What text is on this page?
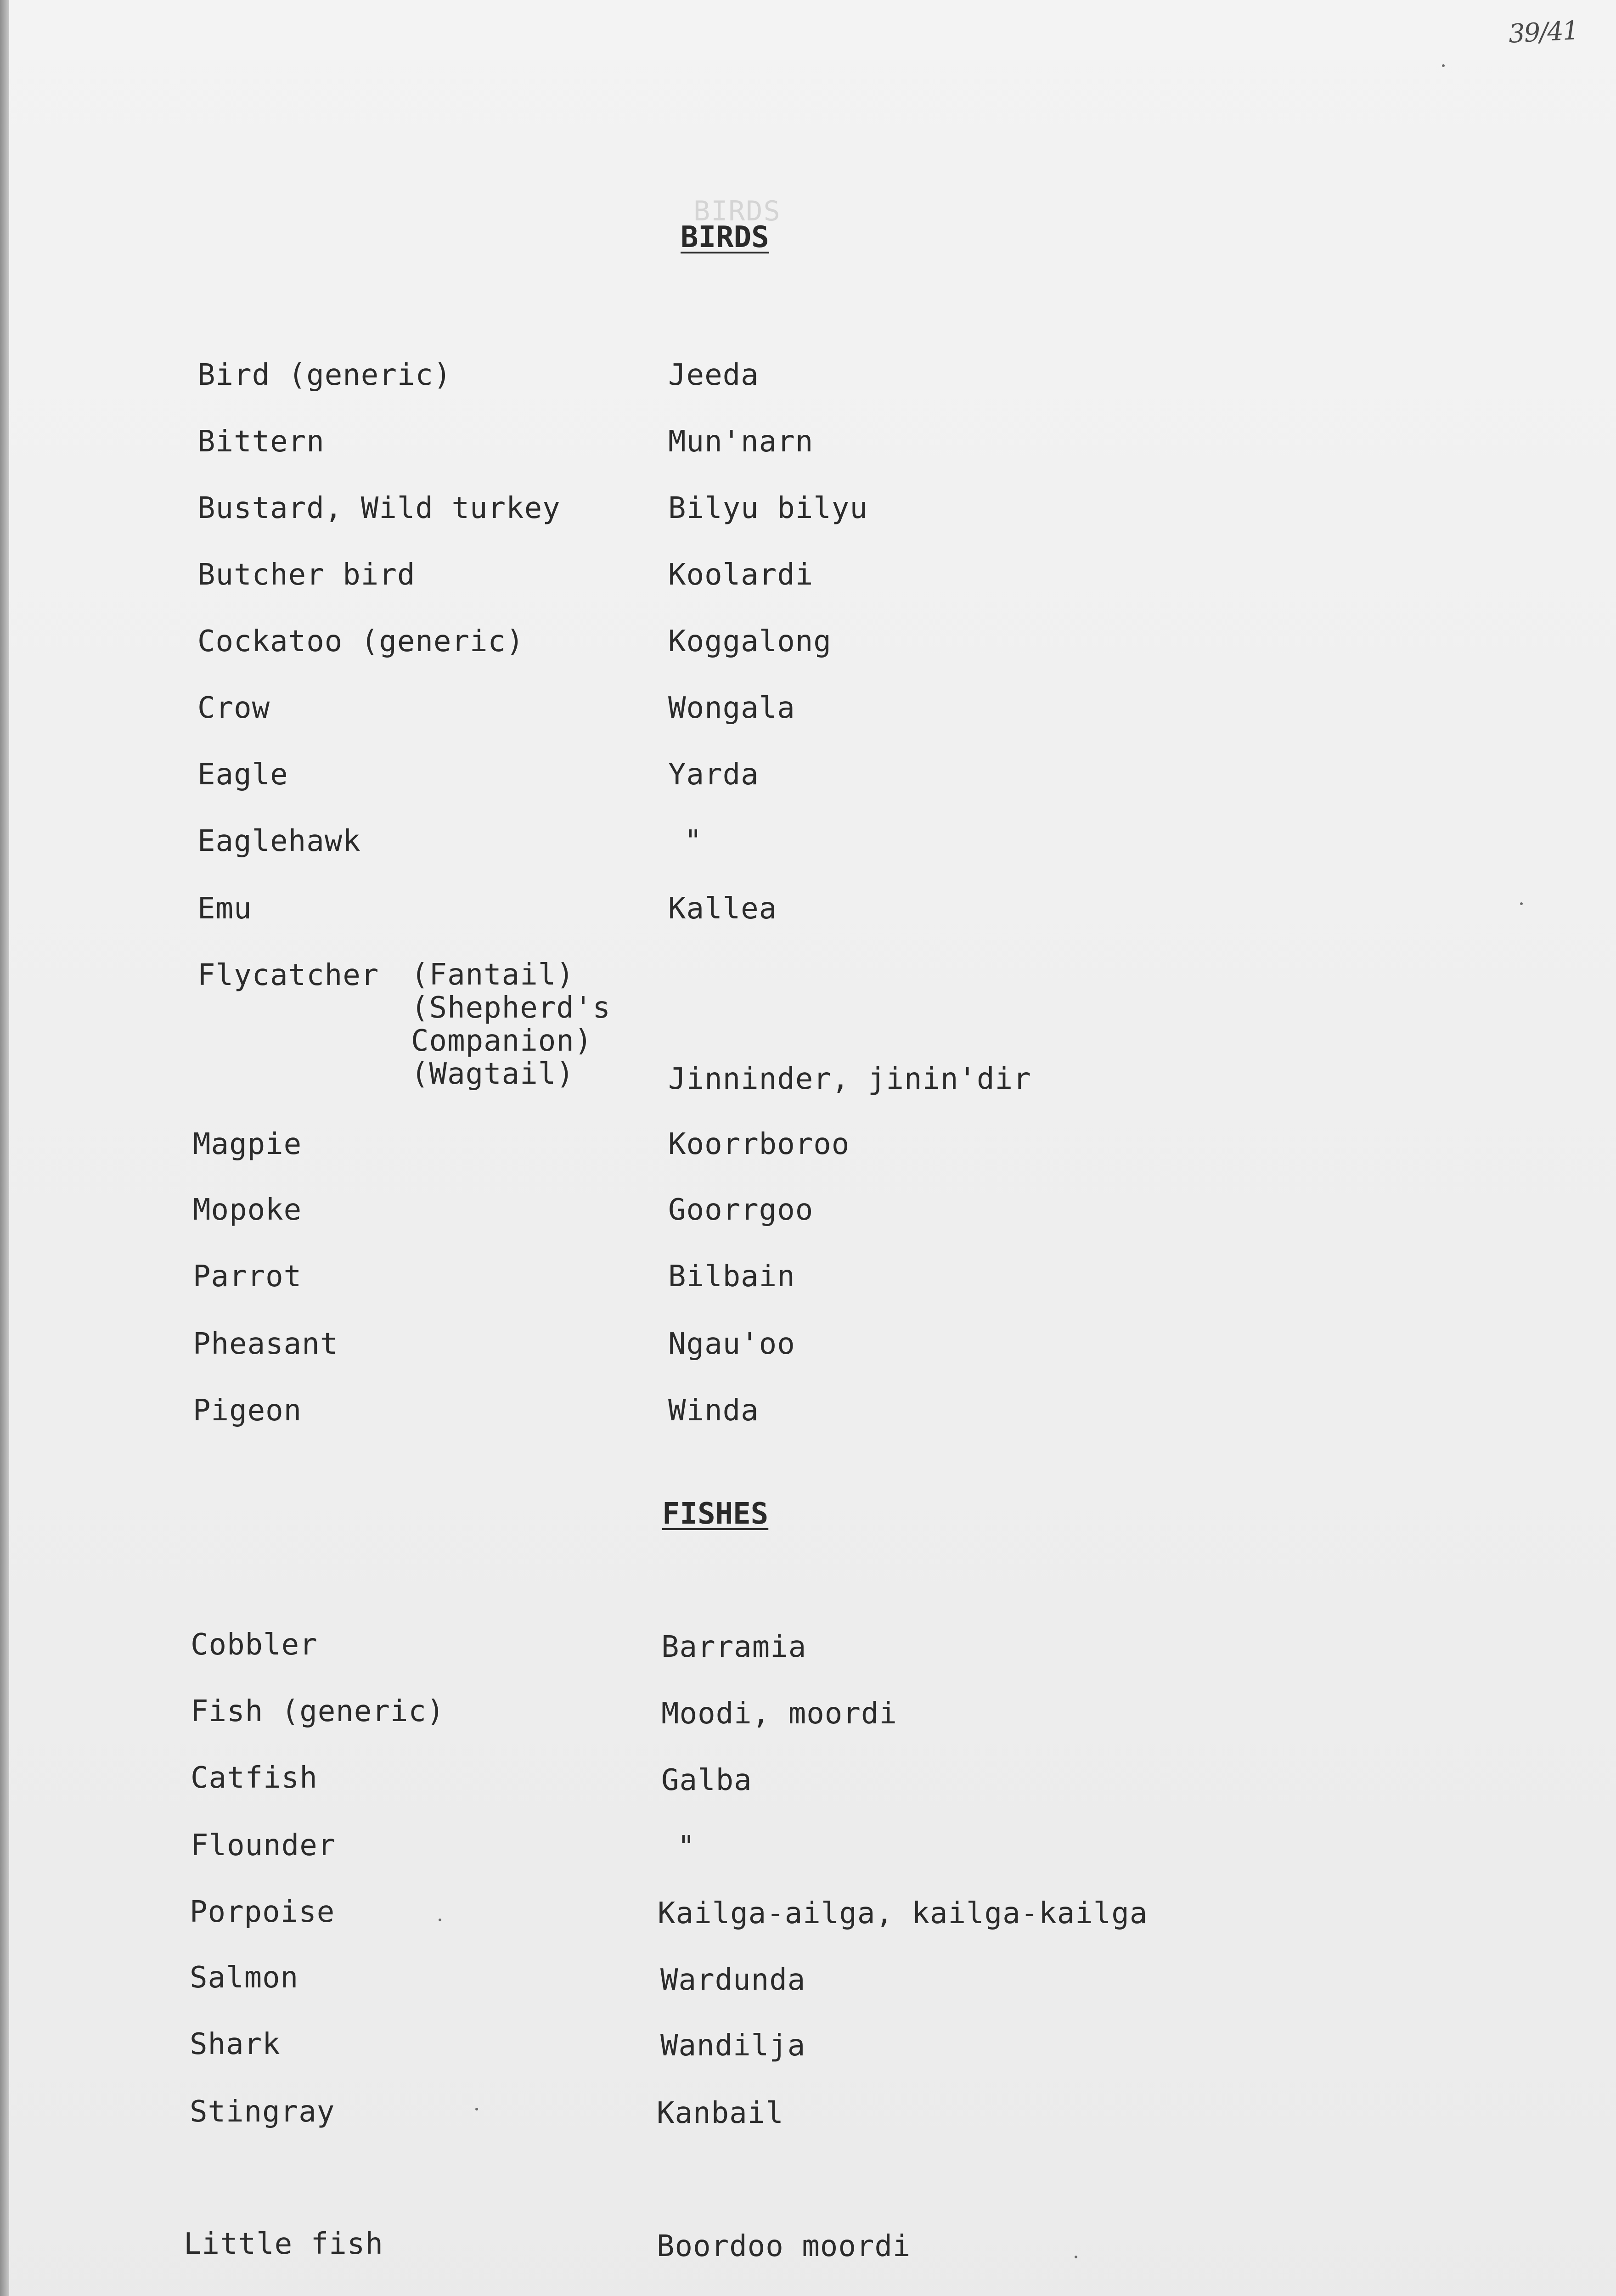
39/41
BIRDS
BIRDS
Bird (generic)	Jeeda
Bittern	Mun'narn
Bustard, Wild turkey	Bilyu bilyu
Butcher bird	Koolardi
Cockatoo (generic)	Koggalong
Crow	Wongala
Eagle	Yarda
Eaglehawk	"
Emu	Kallea
Flycatcher (Fantail)
(Shepherd's
Companion)
(Wagtail)	Jinninder, jinin'dir
Magpie	Koorrboroo
Mopoke	Goorrgoo
Parrot	Bilbain
Pheasant	Ngau'oo
Pigeon	Winda
FISHES
Cobbler	Barramia
Fish (generic)	Moodi, moordi
Catfish	Galba
Flounder	"
Porpoise	Kailga-ailga, kailga-kailga
Salmon	Wardunda
Shark	Wandilja
Stingray	Kanbail
Little fish	Boordoo moordi
